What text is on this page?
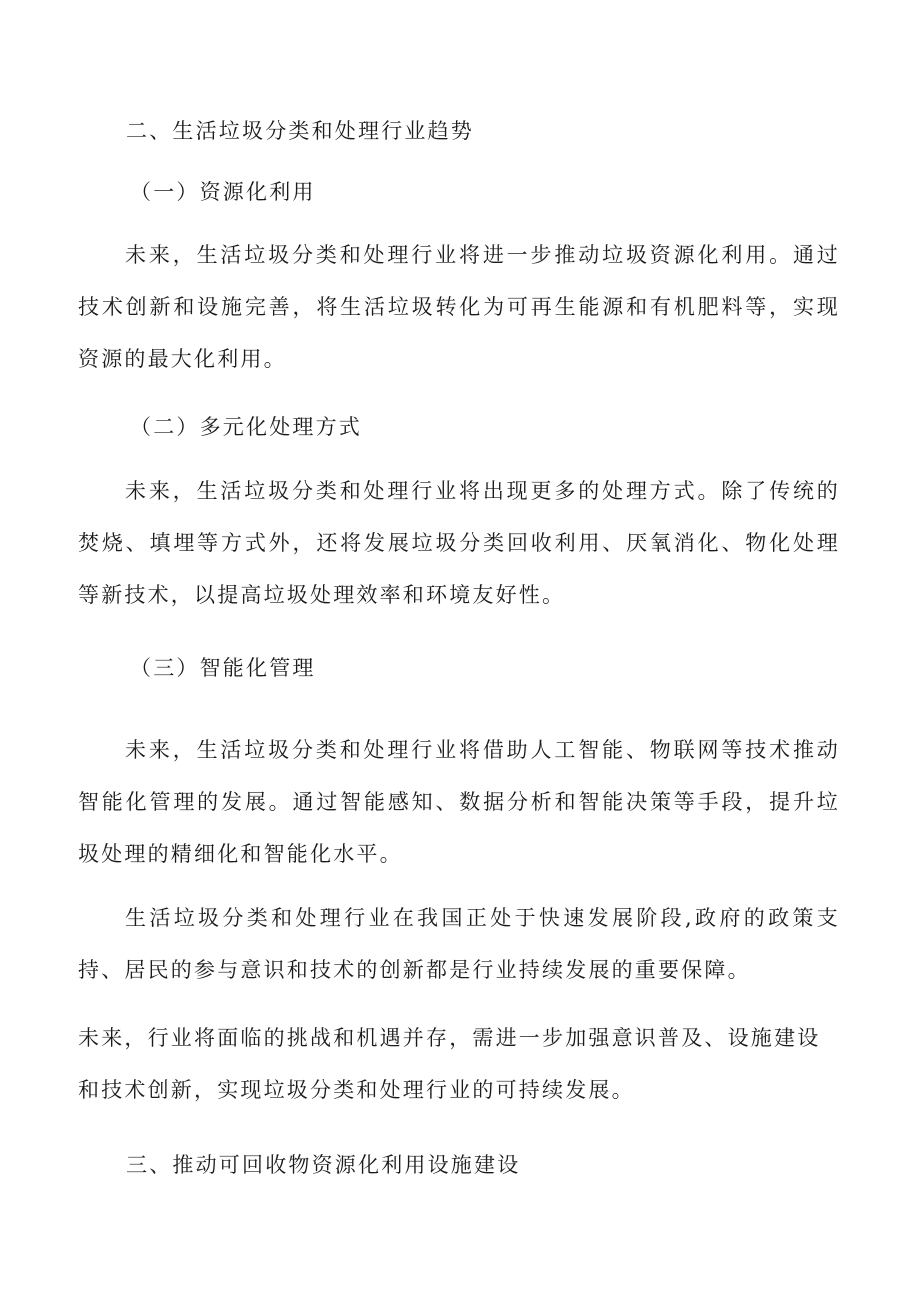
二、生活垃圾分类和处理行业趋势
（一）资源化利用
未来，生活垃圾分类和处理行业将进一步推动垃圾资源化利用。通过技术创新和设施完善，将生活垃圾转化为可再生能源和有机肥料等，实现资源的最大化利用。
（二）多元化处理方式
未来，生活垃圾分类和处理行业将出现更多的处理方式。除了传统的焚烧、填埋等方式外，还将发展垃圾分类回收利用、厌氧消化、物化处理等新技术，以提高垃圾处理效率和环境友好性。
（三）智能化管理
未来，生活垃圾分类和处理行业将借助人工智能、物联网等技术推动智能化管理的发展。通过智能感知、数据分析和智能决策等手段，提升垃圾处理的精细化和智能化水平。
生活垃圾分类和处理行业在我国正处于快速发展阶段,政府的政策支持、居民的参与意识和技术的创新都是行业持续发展的重要保障。
未来，行业将面临的挑战和机遇并存，需进一步加强意识普及、设施建设
和技术创新，实现垃圾分类和处理行业的可持续发展。
三、推动可回收物资源化利用设施建设
